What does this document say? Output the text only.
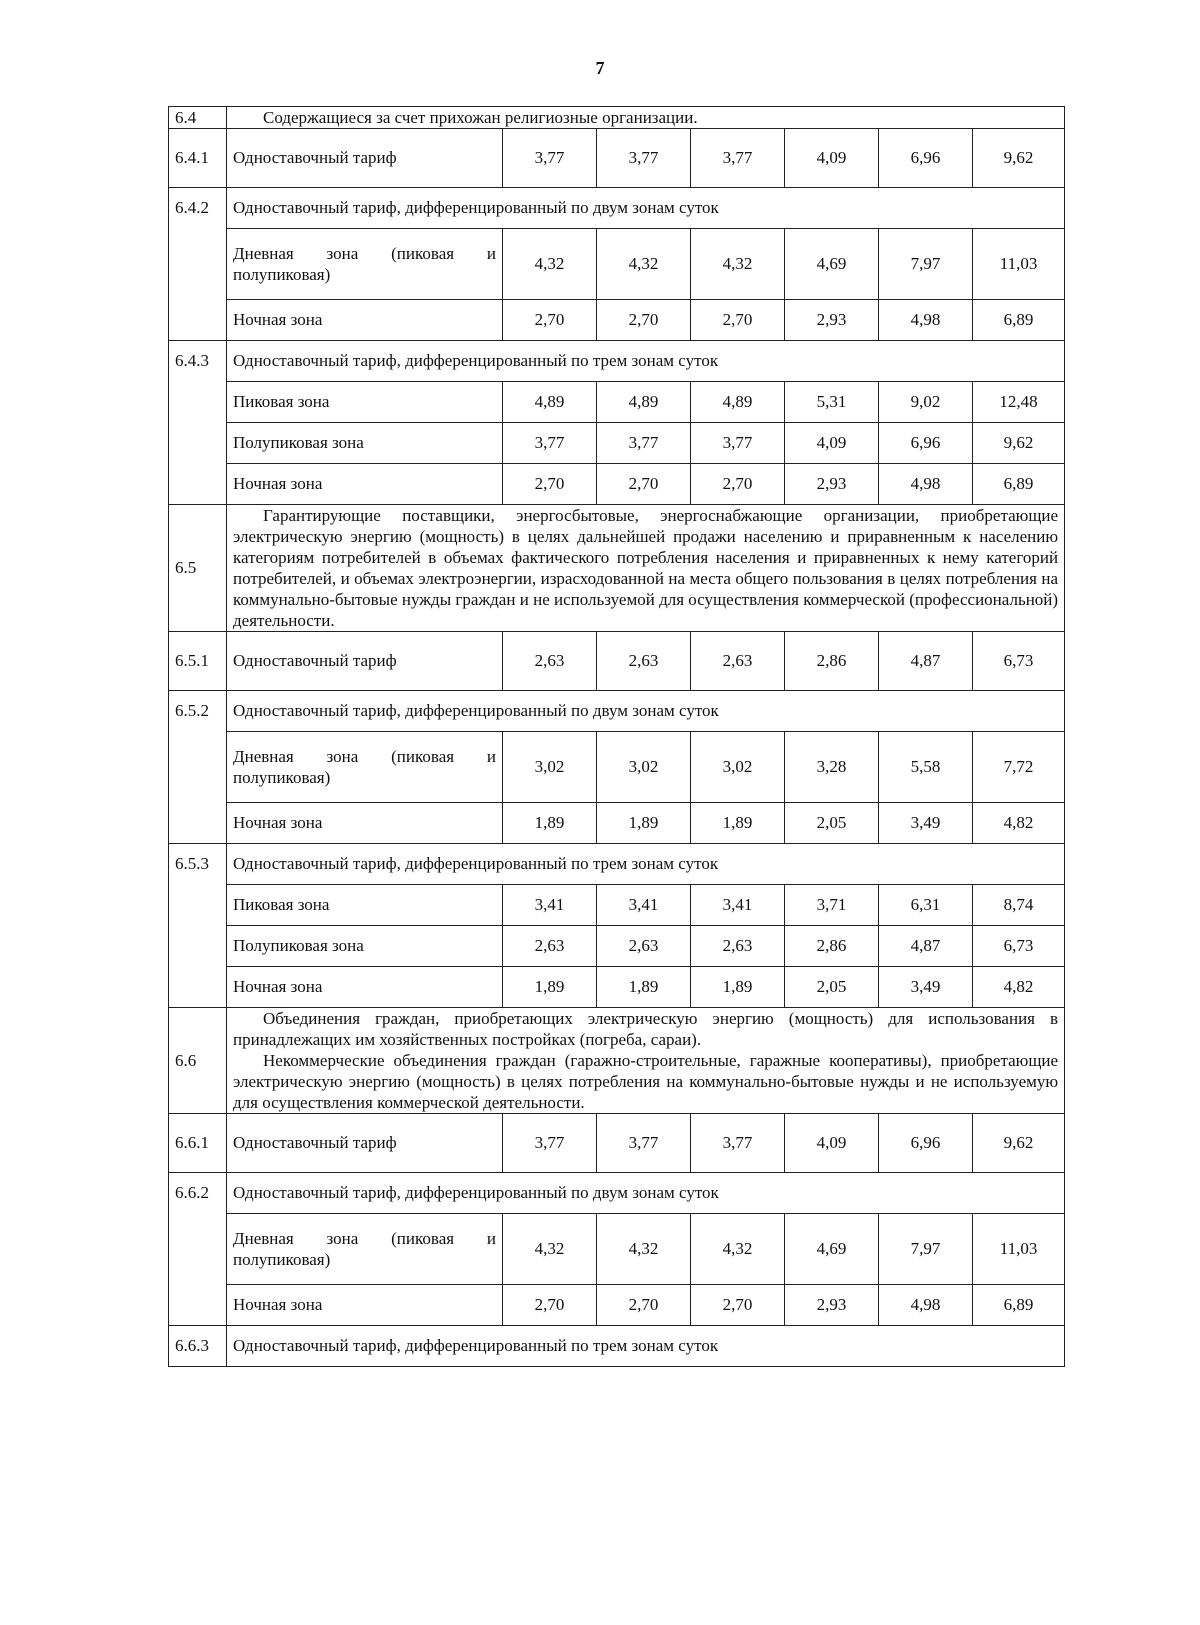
7
6.4	Содержащиеся за счет прихожан религиозные организации.						

6.4.1	Одноставочный тариф	3,77	3,77	3,77	4,09	6,96	9,62
6.4.2	Одноставочный тариф, дифференцированный по двум зонам суток						
	Дневная зона (пиковая и полупиковая)	4,32	4,32	4,32	4,69	7,97	11,03
	Ночная зона	2,70	2,70	2,70	2,93	4,98	6,89
6.4.3	Одноставочный тариф, дифференцированный по трем зонам суток						
	Пиковая зона	4,89	4,89	4,89	5,31	9,02	12,48
	Полупиковая зона	3,77	3,77	3,77	4,09	6,96	9,62
	Ночная зона	2,70	2,70	2,70	2,93	4,98	6,89
6.5	Гарантирующие поставщики, энергосбытовые, энергоснабжающие организации, приобретающие электрическую энергию (мощность) в целях дальнейшей продажи населению и приравненным к населению категориям потребителей в объемах фактического потребления населения и приравненных к нему категорий потребителей, и объемах электроэнергии, израсходованной на места общего пользования в целях потребления на коммунально-бытовые нужды граждан и не используемой для осуществления коммерческой (профессиональной) деятельности.						

6.5.1	Одноставочный тариф	2,63	2,63	2,63	2,86	4,87	6,73
6.5.2	Одноставочный тариф, дифференцированный по двум зонам суток						
	Дневная зона (пиковая и полупиковая)	3,02	3,02	3,02	3,28	5,58	7,72
	Ночная зона	1,89	1,89	1,89	2,05	3,49	4,82
6.5.3	Одноставочный тариф, дифференцированный по трем зонам суток						
	Пиковая зона	3,41	3,41	3,41	3,71	6,31	8,74
	Полупиковая зона	2,63	2,63	2,63	2,86	4,87	6,73
	Ночная зона	1,89	1,89	1,89	2,05	3,49	4,82
6.6	Объединения граждан, приобретающих электрическую энергию (мощность) для использования в принадлежащих им хозяйственных постройках (погреба, сараи).
Некоммерческие объединения граждан (гаражно-строительные, гаражные кооперативы), приобретающие электрическую энергию (мощность) в целях потребления на коммунально-бытовые нужды и не используемую для осуществления коммерческой деятельности.						

6.6.1	Одноставочный тариф	3,77	3,77	3,77	4,09	6,96	9,62
6.6.2	Одноставочный тариф, дифференцированный по двум зонам суток						
	Дневная зона (пиковая и полупиковая)	4,32	4,32	4,32	4,69	7,97	11,03
	Ночная зона	2,70	2,70	2,70	2,93	4,98	6,89
6.6.3	Одноставочный тариф, дифференцированный по трем зонам суток						
